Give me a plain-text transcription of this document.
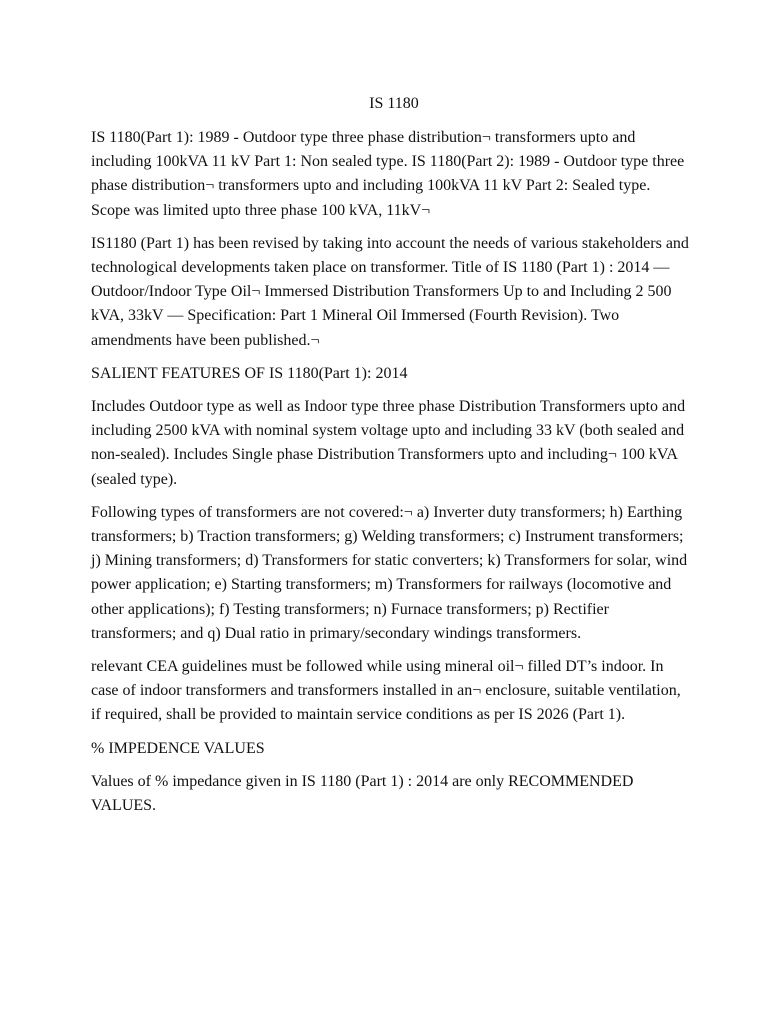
IS 1180

IS 1180(Part 1): 1989 - Outdoor type three phase distribution¬ transformers upto and including 100kVA 11 kV Part 1: Non sealed type. IS 1180(Part 2): 1989 - Outdoor type three phase distribution¬ transformers upto and including 100kVA 11 kV Part 2: Sealed type. Scope was limited upto three phase 100 kVA, 11kV¬

IS1180 (Part 1) has been revised by taking into account the needs of various stakeholders and technological developments taken place on transformer. Title of IS 1180 (Part 1) : 2014 — Outdoor/Indoor Type Oil¬ Immersed Distribution Transformers Up to and Including 2 500 kVA, 33kV — Specification: Part 1 Mineral Oil Immersed (Fourth Revision). Two amendments have been published.¬

SALIENT FEATURES OF IS 1180(Part 1): 2014

Includes Outdoor type as well as Indoor type three phase Distribution Transformers upto and including 2500 kVA with nominal system voltage upto and including 33 kV (both sealed and non-sealed). Includes Single phase Distribution Transformers upto and including¬ 100 kVA (sealed type).

Following types of transformers are not covered:¬ a) Inverter duty transformers; h) Earthing transformers; b) Traction transformers; g) Welding transformers; c) Instrument transformers; j) Mining transformers; d) Transformers for static converters; k) Transformers for solar, wind power application; e) Starting transformers; m) Transformers for railways (locomotive and other applications); f) Testing transformers; n) Furnace transformers; p) Rectifier transformers; and q) Dual ratio in primary/secondary windings transformers.

relevant CEA guidelines must be followed while using mineral oil¬ filled DT’s indoor. In case of indoor transformers and transformers installed in an¬ enclosure, suitable ventilation, if required, shall be provided to maintain service conditions as per IS 2026 (Part 1).

% IMPEDENCE VALUES

Values of % impedance given in IS 1180 (Part 1) : 2014 are only RECOMMENDED VALUES.
